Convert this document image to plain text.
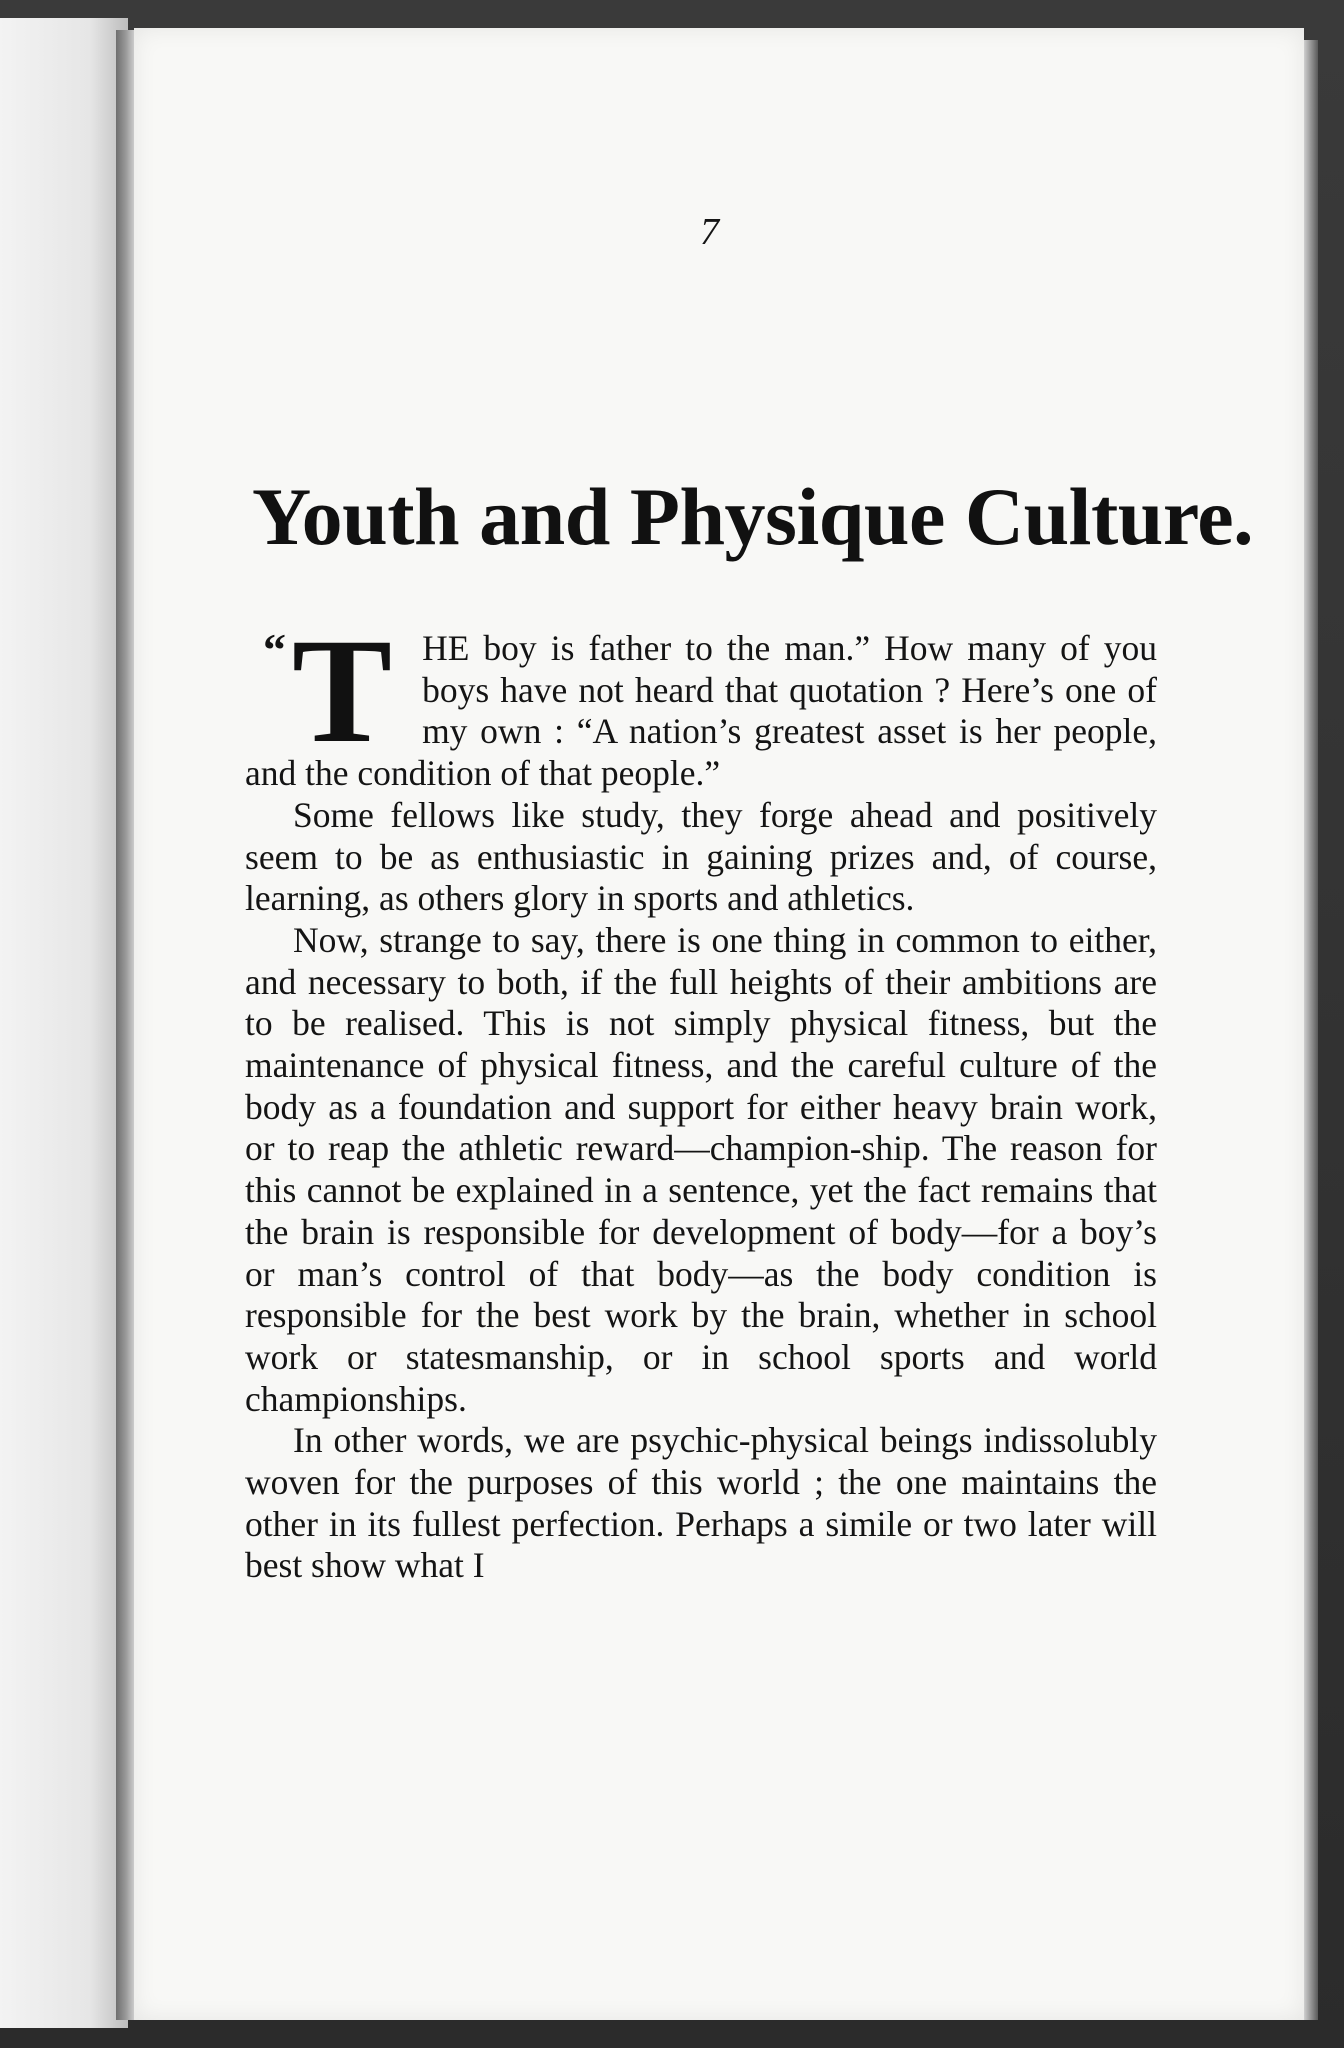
7
Youth and Physique Culture.

“ T HE boy is father to the man.” How many of you boys have not heard that quotation ? Here’s one of my own : “A nation’s greatest asset is her people, and the condition of that people.”

Some fellows like study, they forge ahead and positively seem to be as enthusiastic in gaining prizes and, of course, learning, as others glory in sports and athletics.

Now, strange to say, there is one thing in common to either, and necessary to both, if the full heights of their ambitions are to be realised. This is not simply physical fitness, but the maintenance of physical fitness, and the careful culture of the body as a foundation and support for either heavy brain work, or to reap the athletic reward—champion-ship. The reason for this cannot be explained in a sentence, yet the fact remains that the brain is responsible for development of body—for a boy’s or man’s control of that body—as the body condition is responsible for the best work by the brain, whether in school work or statesmanship, or in school sports and world championships.

In other words, we are psychic-physical beings indissolubly woven for the purposes of this world ; the one maintains the other in its fullest perfection. Perhaps a simile or two later will best show what I
